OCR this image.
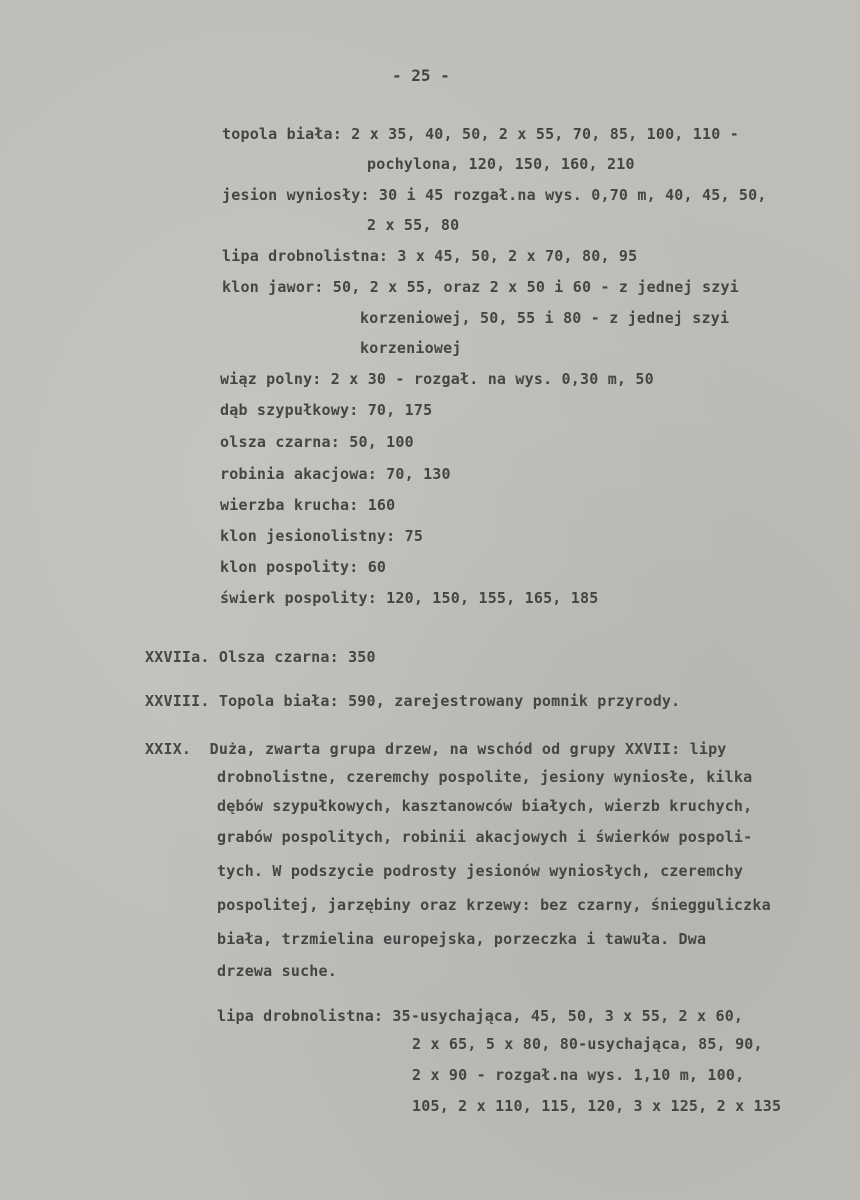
- 25 -
topola biała: 2 x 35, 40, 50, 2 x 55, 70, 85, 100, 110 -
pochylona, 120, 150, 160, 210
jesion wyniosły: 30 i 45 rozgał.na wys. 0,70 m, 40, 45, 50,
2 x 55, 80
lipa drobnolistna: 3 x 45, 50, 2 x 70, 80, 95
klon jawor: 50, 2 x 55, oraz 2 x 50 i 60 - z jednej szyi
korzeniowej, 50, 55 i 80 - z jednej szyi
korzeniowej
wiąz polny: 2 x 30 - rozgał. na wys. 0,30 m, 50
dąb szypułkowy: 70, 175
olsza czarna: 50, 100
robinia akacjowa: 70, 130
wierzba krucha: 160
klon jesionolistny: 75
klon pospolity: 60
świerk pospolity: 120, 150, 155, 165, 185
XXVIIa. Olsza czarna: 350
XXVIII. Topola biała: 590, zarejestrowany pomnik przyrody.
XXIX.  Duża, zwarta grupa drzew, na wschód od grupy XXVII: lipy
drobnolistne, czeremchy pospolite, jesiony wyniosłe, kilka
dębów szypułkowych, kasztanowców białych, wierzb kruchych,
grabów pospolitych, robinii akacjowych i świerków pospoli-
tych. W podszycie podrosty jesionów wyniosłych, czeremchy
pospolitej, jarzębiny oraz krzewy: bez czarny, śniegguliczka
biała, trzmielina europejska, porzeczka i tawuła. Dwa
drzewa suche.
lipa drobnolistna: 35-usychająca, 45, 50, 3 x 55, 2 x 60,
2 x 65, 5 x 80, 80-usychająca, 85, 90,
2 x 90 - rozgał.na wys. 1,10 m, 100,
105, 2 x 110, 115, 120, 3 x 125, 2 x 135
